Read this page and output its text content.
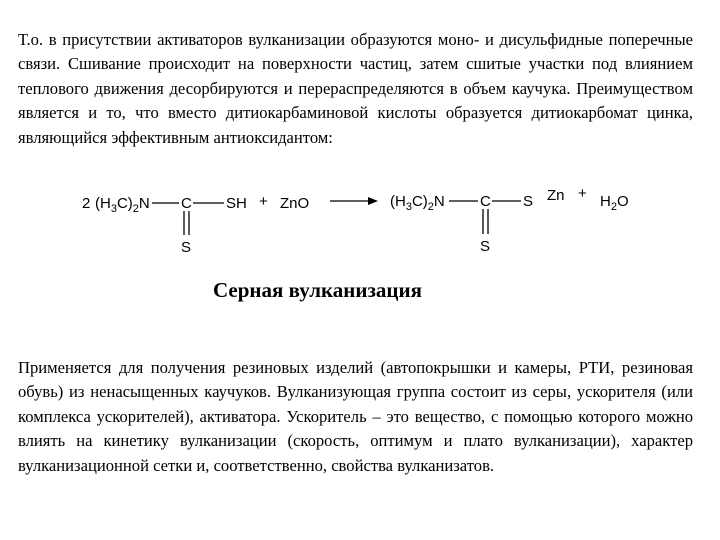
Т.о. в присутствии активаторов вулканизации образуются моно- и дисульфидные поперечные связи. Сшивание происходит на поверхности частиц, затем сшитые участки под влиянием теплового движения десорбируются и перераспределяются в объем каучука. Преимуществом является и то, что вместо дитиокарбаминовой кислоты образуется дитиокарбомат цинка, являющийся эффективным антиоксидантом:

2 $(H_3C)_2N$ C SH
S
+ ZnO	$(H_3C)_2N$ C S
S
$Zn + H_2O$
Серная вулканизация

Применяется для получения резиновых изделий (автопокрышки и камеры, РТИ, резиновая обувь) из ненасыщенных каучуков. Вулканизующая группа состоит из серы, ускорителя (или комплекса ускорителей), активатора. Ускоритель – это вещество, с помощью которого можно влиять на кинетику вулканизации (скорость, оптимум и плато вулканизации), характер вулканизационной сетки и, соответственно, свойства вулканизатов.
